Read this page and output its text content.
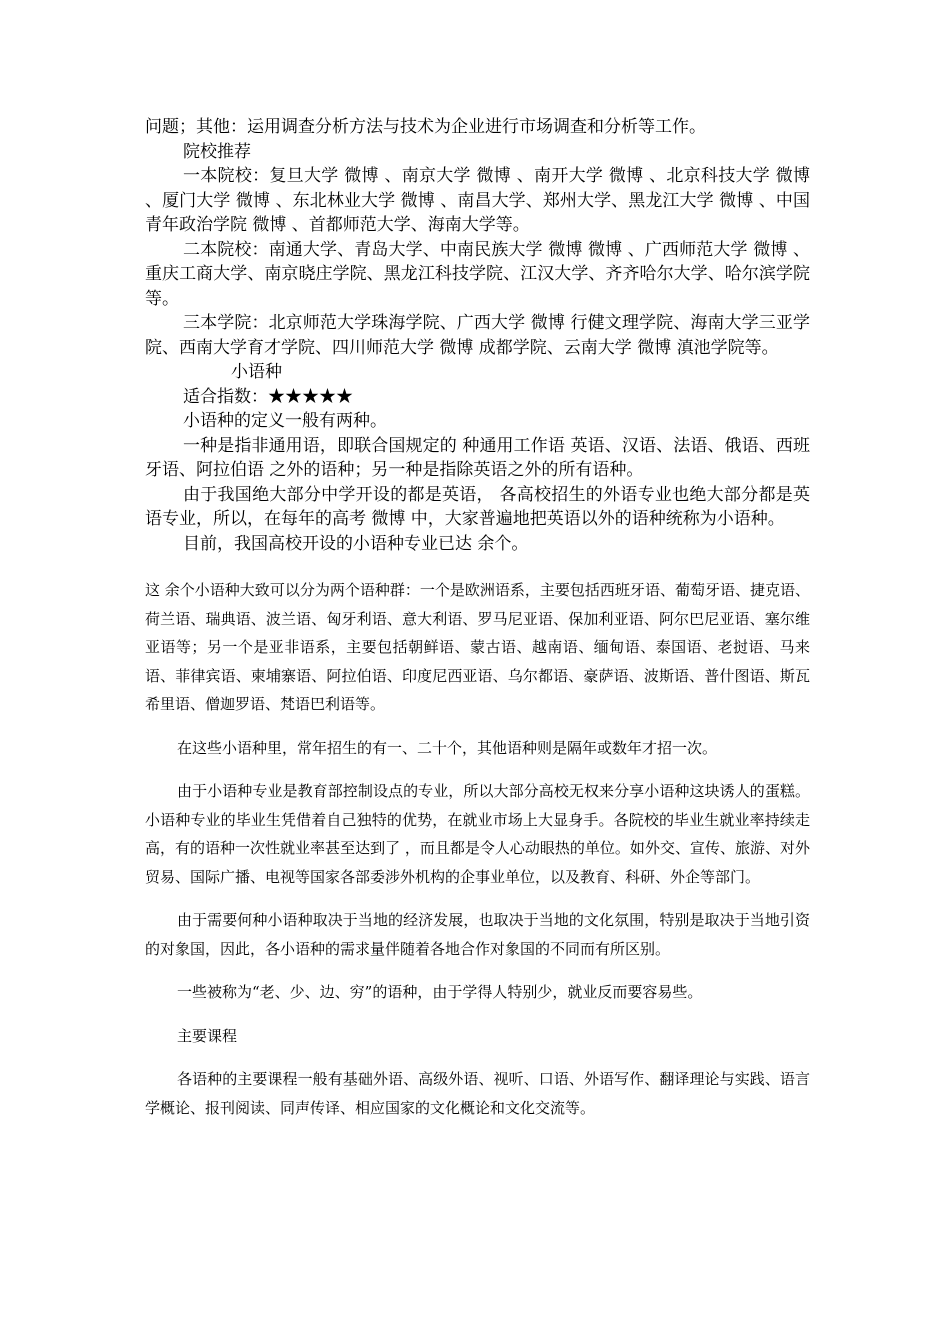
问题；其他：运用调查分析方法与技术为企业进行市场调查和分析等工作。

院校推荐

一本院校：复旦大学 微博 、南京大学 微博 、南开大学 微博 、北京科技大学 微博 、厦门大学 微博 、东北林业大学 微博 、南昌大学、郑州大学、黑龙江大学 微博 、中国青年政治学院 微博 、首都师范大学、海南大学等。

二本院校：南通大学、青岛大学、中南民族大学 微博 微博 、广西师范大学 微博 、重庆工商大学、南京晓庄学院、黑龙江科技学院、江汉大学、齐齐哈尔大学、哈尔滨学院等。

三本学院：北京师范大学珠海学院、广西大学 微博 行健文理学院、海南大学三亚学院、西南大学育才学院、四川师范大学 微博 成都学院、云南大学 微博 滇池学院等。

小语种
适合指数：★★★★★

小语种的定义一般有两种。

一种是指非通用语，即联合国规定的 种通用工作语 英语、汉语、法语、俄语、西班牙语、阿拉伯语 之外的语种；另一种是指除英语之外的所有语种。

由于我国绝大部分中学开设的都是英语， 各高校招生的外语专业也绝大部分都是英语专业，所以，在每年的高考 微博 中，大家普遍地把英语以外的语种统称为小语种。

目前，我国高校开设的小语种专业已达 余个。

这 余个小语种大致可以分为两个语种群：一个是欧洲语系，主要包括西班牙语、葡萄牙语、捷克语、荷兰语、瑞典语、波兰语、匈牙利语、意大利语、罗马尼亚语、保加利亚语、阿尔巴尼亚语、塞尔维亚语等；另一个是亚非语系，主要包括朝鲜语、蒙古语、越南语、缅甸语、泰国语、老挝语、马来语、菲律宾语、柬埔寨语、阿拉伯语、印度尼西亚语、乌尔都语、豪萨语、波斯语、普什图语、斯瓦希里语、僧迦罗语、梵语巴利语等。

在这些小语种里，常年招生的有一、二十个，其他语种则是隔年或数年才招一次。

由于小语种专业是教育部控制设点的专业，所以大部分高校无权来分享小语种这块诱人的蛋糕。小语种专业的毕业生凭借着自己独特的优势，在就业市场上大显身手。各院校的毕业生就业率持续走高，有的语种一次性就业率甚至达到了 ，而且都是令人心动眼热的单位。如外交、宣传、旅游、对外贸易、国际广播、电视等国家各部委涉外机构的企事业单位，以及教育、科研、外企等部门。

由于需要何种小语种取决于当地的经济发展，也取决于当地的文化氛围，特别是取决于当地引资的对象国，因此，各小语种的需求量伴随着各地合作对象国的不同而有所区别。

一些被称为“老、少、边、穷”的语种，由于学得人特别少，就业反而要容易些。

主要课程

各语种的主要课程一般有基础外语、高级外语、视听、口语、外语写作、翻译理论与实践、语言学概论、报刊阅读、同声传译、相应国家的文化概论和文化交流等。
